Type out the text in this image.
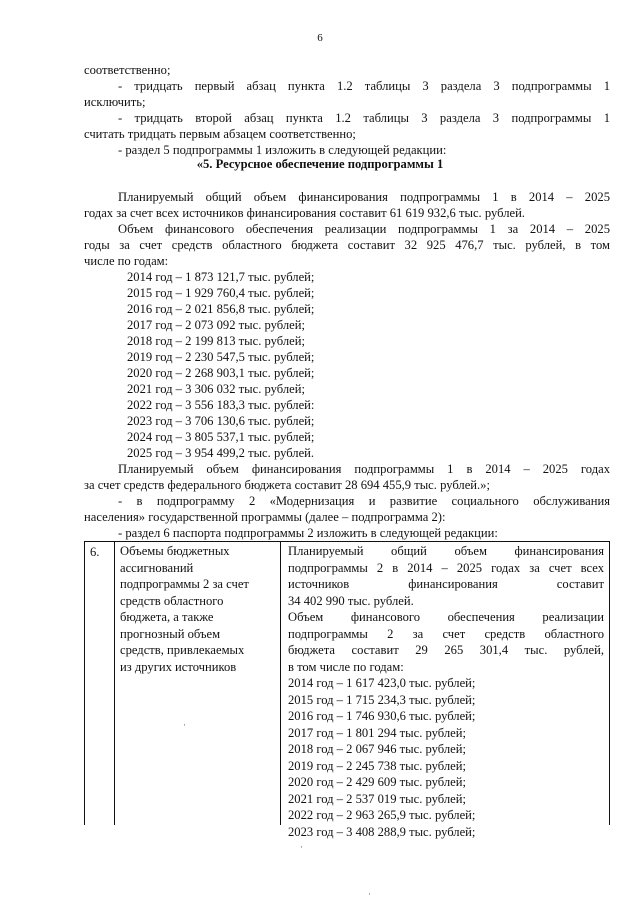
6
соответственно;
- тридцать первый абзац пункта 1.2 таблицы 3 раздела 3 подпрограммы 1
исключить;
- тридцать второй абзац пункта 1.2 таблицы 3 раздела 3 подпрограммы 1
считать тридцать первым абзацем соответственно;
- раздел 5 подпрограммы 1 изложить в следующей редакции:
«5. Ресурсное обеспечение подпрограммы 1
Планируемый общий объем финансирования подпрограммы 1 в 2014 – 2025
годах за счет всех источников финансирования составит 61 619 932,6 тыс. рублей.
Объем финансового обеспечения реализации подпрограммы 1 за 2014 – 2025
годы за счет средств областного бюджета составит 32 925 476,7 тыс. рублей, в том
числе по годам:
2014 год – 1 873 121,7 тыс. рублей;
2015 год – 1 929 760,4 тыс. рублей;
2016 год – 2 021 856,8 тыс. рублей;
2017 год – 2 073 092 тыс. рублей;
2018 год – 2 199 813 тыс. рублей;
2019 год – 2 230 547,5 тыс. рублей;
2020 год – 2 268 903,1 тыс. рублей;
2021 год – 3 306 032 тыс. рублей;
2022 год – 3 556 183,3 тыс. рублей:
2023 год – 3 706 130,6 тыс. рублей;
2024 год – 3 805 537,1 тыс. рублей;
2025 год – 3 954 499,2 тыс. рублей.
Планируемый объем финансирования подпрограммы 1 в 2014 – 2025 годах
за счет средств федерального бюджета составит 28 694 455,9 тыс. рублей.»;
- в подпрограмму 2 «Модернизация и развитие социального обслуживания
населения» государственной программы (далее – подпрограмма 2):
- раздел 6 паспорта подпрограммы 2 изложить в следующей редакции:
6. Объемы бюджетных
ассигнований
подпрограммы 2 за счет
средств областного
бюджета, а также
прогнозный объем
средств, привлекаемых
из других источников
Планируемый общий объем финансирования
подпрограммы 2 в 2014 – 2025 годах за счет всех
источников финансирования составит
34 402 990 тыс. рублей.
Объем финансового обеспечения реализации
подпрограммы 2 за счет средств областного
бюджета составит 29 265 301,4 тыс. рублей,
в том числе по годам:
2014 год – 1 617 423,0 тыс. рублей;
2015 год – 1 715 234,3 тыс. рублей;
2016 год – 1 746 930,6 тыс. рублей;
2017 год – 1 801 294 тыс. рублей;
2018 год – 2 067 946 тыс. рублей;
2019 год – 2 245 738 тыс. рублей;
2020 год – 2 429 609 тыс. рублей;
2021 год – 2 537 019 тыс. рублей;
2022 год – 2 963 265,9 тыс. рублей;
2023 год – 3 408 288,9 тыс. рублей;
·
·
·
